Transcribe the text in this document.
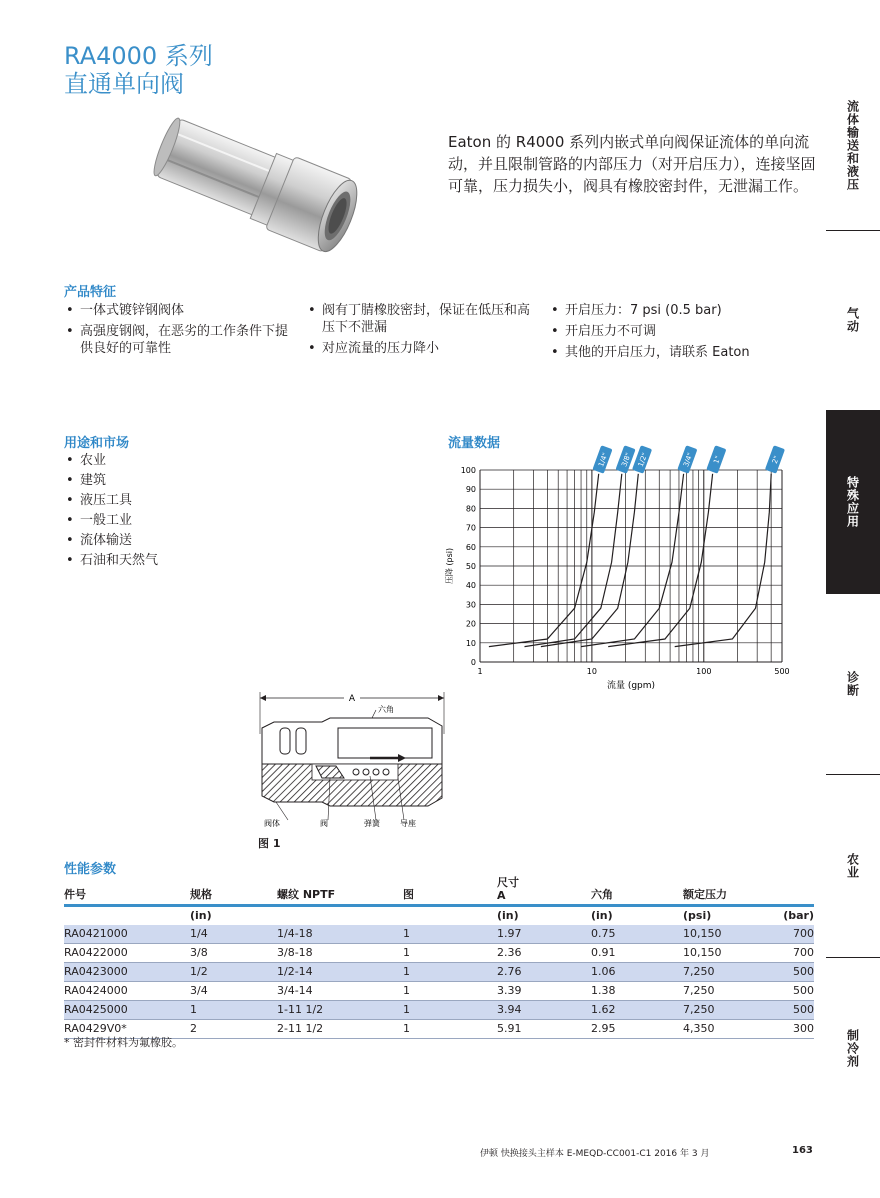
RA4000 系列
直通单向阀
Eaton 的 R4000 系列内嵌式单向阀保证流体的单向流动，并且限制管路的内部压力（对开启压力），连接坚固可靠，压力损失小，阀具有橡胶密封件，无泄漏工作。
产品特征
• 一体式镀锌钢阀体
• 高强度钢阀，在恶劣的工作条件下提供良好的可靠性
• 阀有丁腈橡胶密封，保证在低压和高压下不泄漏
• 对应流量的压力降小
• 开启压力：7 psi (0.5 bar)
• 开启压力不可调
• 其他的开启压力，请联系 Eaton
用途和市场
• 农业
• 建筑
• 液压工具
• 一般工业
• 流体输送
• 石油和天然气
流量数据
0
10
20
30
40
50
60
70
80
90
100
1	10	100	500
流量 (gpm)
压降 (psi)
1/4" 3/8" 1/2"	3/4"	1"	2"
A
六角
阀体	阀	弹簧	导座
图 1
性能参数
尺寸
件号	规格	螺纹 NPTF	图	A	六角	额定压力	

	(in)			(in)	(in)	(psi)	(bar)
RA0421000	1/4	1/4-18	1	1.97	0.75	10,150	700
RA0422000	3/8	3/8-18	1	2.36	0.91	10,150	700
RA0423000	1/2	1/2-14	1	2.76	1.06	7,250	500
RA0424000	3/4	3/4-14	1	3.39	1.38	7,250	500
RA0425000	1	1-11 1/2	1	3.94	1.62	7,250	500
RA0429V0*	2	2-11 1/2	1	5.91	2.95	4,350	300
* 密封件材料为氟橡胶。
流体输送和液压
气动
特殊应用
诊断
农业
制冷剂
伊顿 快换接头主样本 E-MEQD-CC001-C1 2016 年 3 月	163
